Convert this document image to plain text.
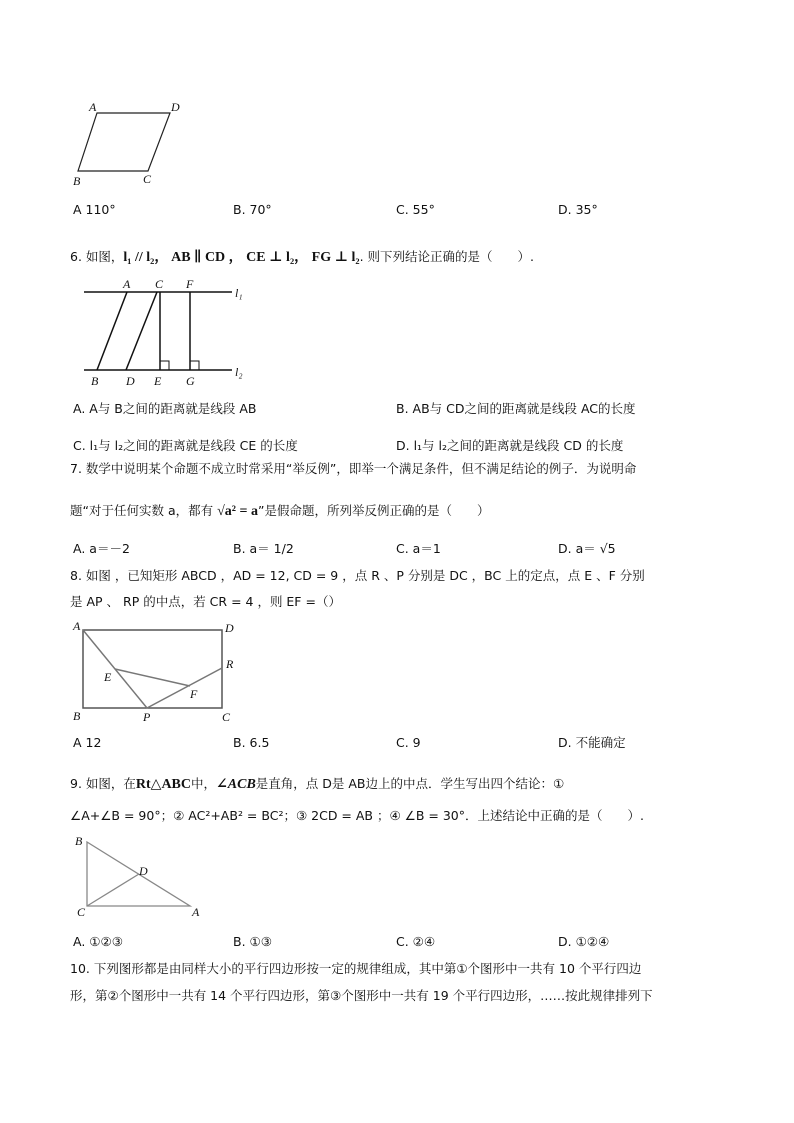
A	D
B	C
A C F
B D E G
l₁
l₂
A	D
B	C
E
F
P
R
B
D
C	A
A 110°	B. 70°	C. 55°	D. 35°
6. 如图，l₁ // l₂， AB ∥ CD ， CE ⊥ l₂， FG ⊥ l₂. 则下列结论正确的是（　　）.
A. A与 B之间的距离就是线段 AB	B. AB与 CD之间的距离就是线段 AC的长度
C. l₁与 l₂之间的距离就是线段 CE 的长度	D. l₁与 l₂之间的距离就是线段 CD 的长度
7. 数学中说明某个命题不成立时常采用“举反例”，即举一个满足条件，但不满足结论的例子．为说明命
题“对于任何实数 a，都有 √a² = a”是假命题，所列举反例正确的是（　　）
A. a＝－2	B. a＝ 1/2	C. a＝1	D. a＝ √5
8. 如图 ，已知矩形 ABCD ，AD = 12, CD = 9 ，点 R 、P 分别是 DC ，BC 上的定点，点 E 、F 分别
是 AP 、 RP 的中点，若 CR = 4 ，则 EF =（）
A 12	B. 6.5	C. 9	D. 不能确定
9. 如图，在Rt△ABC中，∠ACB是直角，点 D是 AB边上的中点．学生写出四个结论：①
∠A+∠B = 90°；② AC²+AB² = BC²；③ 2CD = AB ；④ ∠B = 30°．上述结论中正确的是（　　）.
A. ①②③	B. ①③	C. ②④	D. ①②④
10. 下列图形都是由同样大小的平行四边形按一定的规律组成，其中第①个图形中一共有 10 个平行四边
形，第②个图形中一共有 14 个平行四边形，第③个图形中一共有 19 个平行四边形，……按此规律排列下
